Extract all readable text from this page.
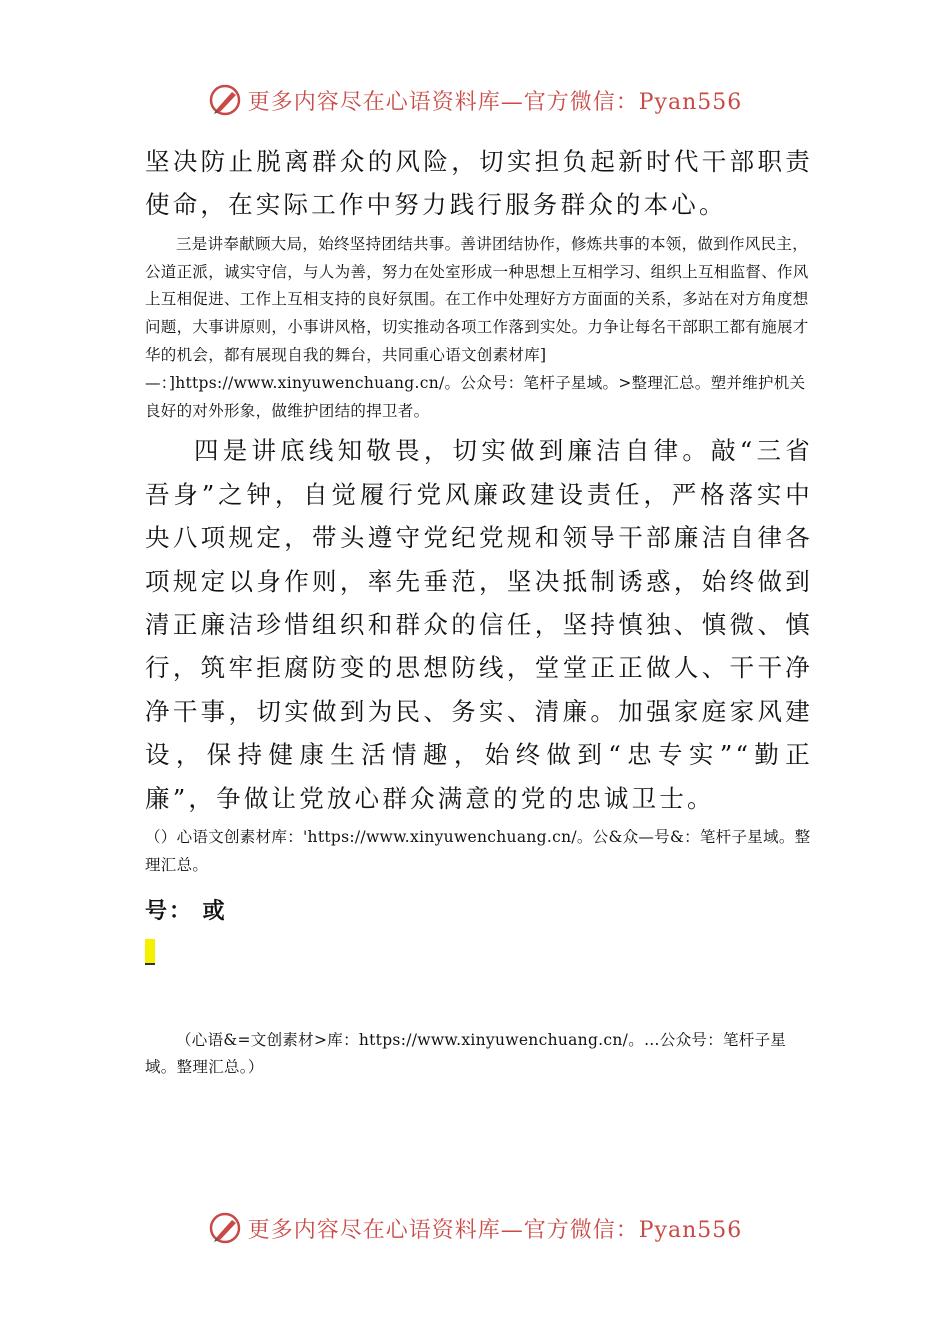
更多内容尽在心语资料库—官方微信：Pyan556

坚决防止脱离群众的风险，切实担负起新时代干部职责使命，在实际工作中努力践行服务群众的本心。

三是讲奉献顾大局，始终坚持团结共事。善讲团结协作，修炼共事的本领，做到作风民主，公道正派，诚实守信，与人为善，努力在处室形成一种思想上互相学习、组织上互相监督、作风上互相促进、工作上互相支持的良好氛围。在工作中处理好方方面面的关系，多站在对方角度想问题，大事讲原则，小事讲风格，切实推动各项工作落到实处。力争让每名干部职工都有施展才华的机会，都有展现自我的舞台，共同重心语文创素材库]—：]https://www.xinyuwenchuang.cn/。公众号：笔杆子星域。>整理汇总。塑并维护机关良好的对外形象，做维护团结的捍卫者。

四是讲底线知敬畏，切实做到廉洁自律。敲“三省吾身”之钟，自觉履行党风廉政建设责任，严格落实中央八项规定，带头遵守党纪党规和领导干部廉洁自律各项规定以身作则，率先垂范，坚决抵制诱惑，始终做到清正廉洁珍惜组织和群众的信任，坚持慎独、慎微、慎行，筑牢拒腐防变的思想防线，堂堂正正做人、干干净净干事，切实做到为民、务实、清廉。加强家庭家风建设，保持健康生活情趣，始终做到“忠专实”“勤正廉”，争做让党放心群众满意的党的忠诚卫士。

（）心语文创素材库：'https://www.xinyuwenchuang.cn/。公&众—号&：笔杆子星域。整理汇总。

号： 或

（心语&=文创素材>库：https://www.xinyuwenchuang.cn/。…公众号：笔杆子星域。整理汇总。）

更多内容尽在心语资料库—官方微信：Pyan556
